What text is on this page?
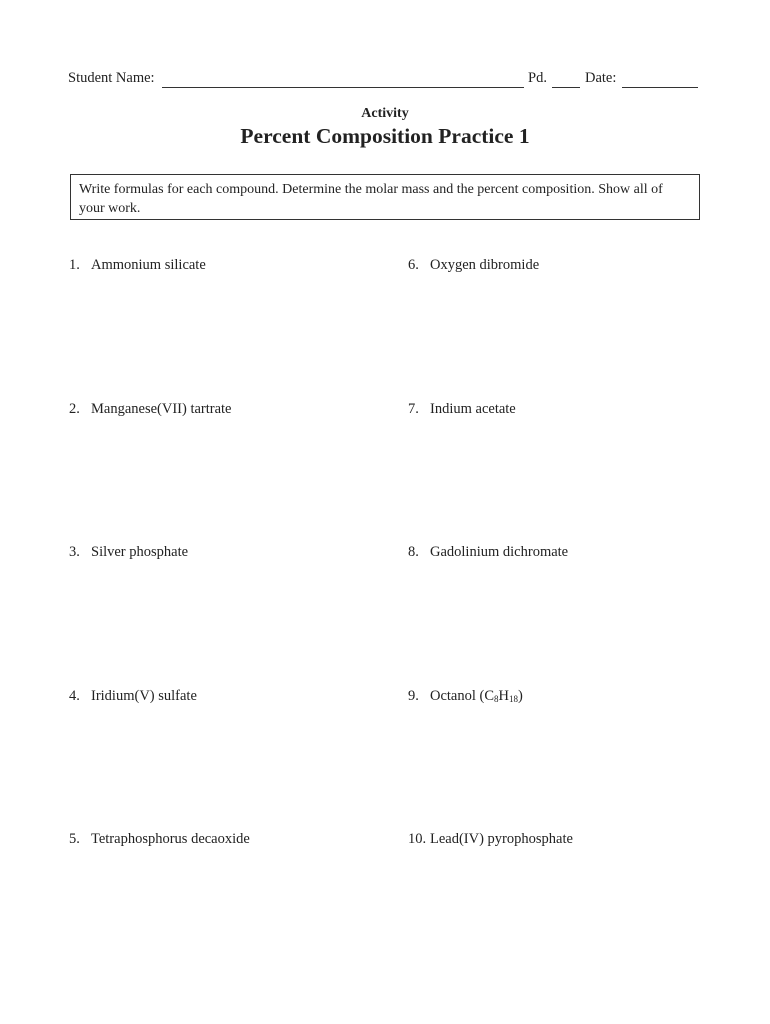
Student Name:	Pd.	Date:
Activity
Percent Composition Practice 1
Write formulas for each compound. Determine the molar mass and the percent composition. Show all of your work.
1. Ammonium silicate
2. Manganese(VII) tartrate
3. Silver phosphate
4. Iridium(V) sulfate
5. Tetraphosphorus decaoxide
6. Oxygen dibromide
7. Indium acetate
8. Gadolinium dichromate
9. Octanol $(C_8H_{18})$
10. Lead(IV) pyrophosphate
